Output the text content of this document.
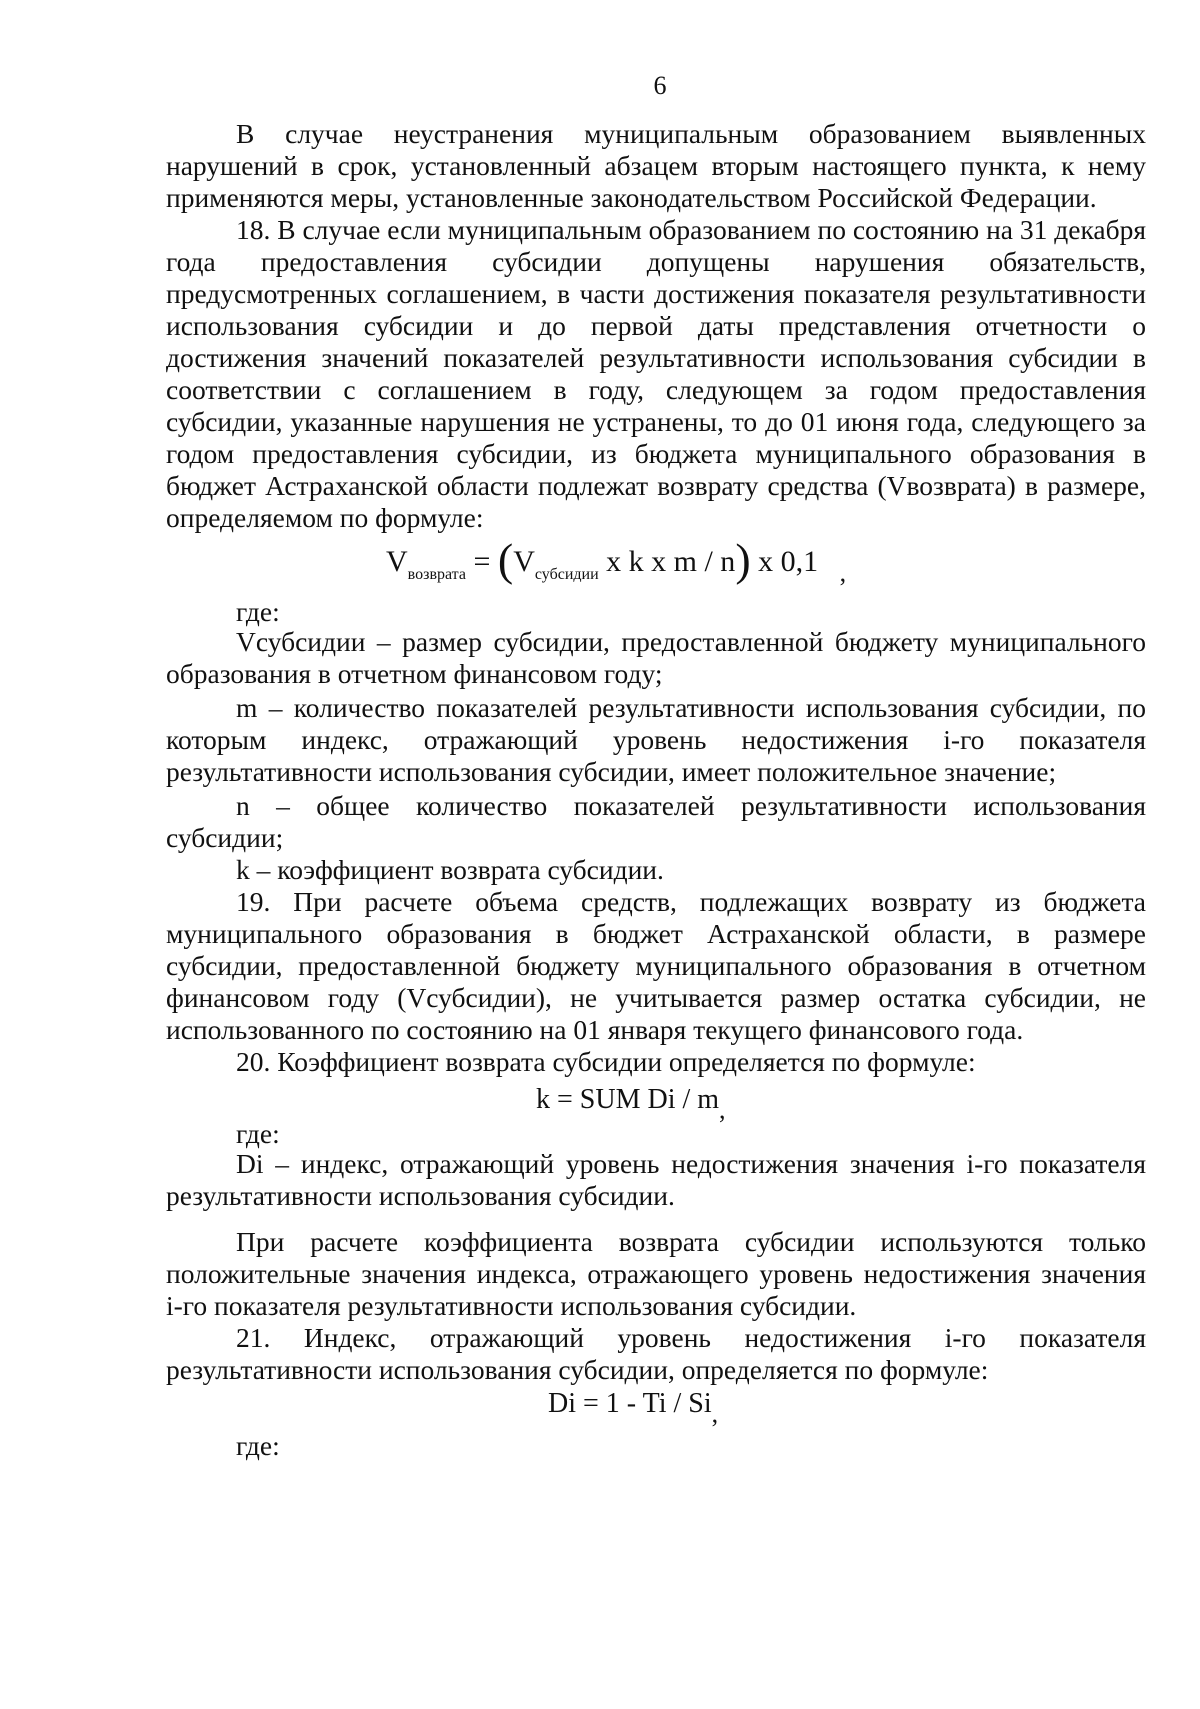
6

В случае неустранения муниципальным образованием выявленных нарушений в срок, установленный абзацем вторым настоящего пункта, к нему применяются меры, установленные законодательством Российской Федерации.

18. В случае если муниципальным образованием по состоянию на 31 декабря года предоставления субсидии допущены нарушения обязательств, предусмотренных соглашением, в части достижения показателя результативности использования субсидии и до первой даты представления отчетности о достижения значений показателей результативности использования субсидии в соответствии с соглашением в году, следующем за годом предоставления субсидии, указанные нарушения не устранены, то до 01 июня года, следующего за годом предоставления субсидии, из бюджета муниципального образования в бюджет Астраханской области подлежат возврату средства (Vвозврата) в размере, определяемом по формуле:

$V_{возврата} = (V_{субсидии}$ x k x m / n) x 0,1 ,
где:

Vсубсидии – размер субсидии, предоставленной бюджету муниципального образования в отчетном финансовом году;

m – количество показателей результативности использования субсидии, по которым индекс, отражающий уровень недостижения i-го показателя результативности использования субсидии, имеет положительное значение;

n – общее количество показателей результативности использования субсидии;

k – коэффициент возврата субсидии.

19. При расчете объема средств, подлежащих возврату из бюджета муниципального образования в бюджет Астраханской области, в размере субсидии, предоставленной бюджету муниципального образования в отчетном финансовом году (Vсубсидии), не учитывается размер остатка субсидии, не использованного по состоянию на 01 января текущего финансового года.

20. Коэффициент возврата субсидии определяется по формуле:

k = SUM Di / m,
где:

Di – индекс, отражающий уровень недостижения значения i-го показателя результативности использования субсидии.

При расчете коэффициента возврата субсидии используются только положительные значения индекса, отражающего уровень недостижения значения i-го показателя результативности использования субсидии.

21. Индекс, отражающий уровень недостижения i-го показателя результативности использования субсидии, определяется по формуле:

Di = 1 - Ti / Si,
где:
